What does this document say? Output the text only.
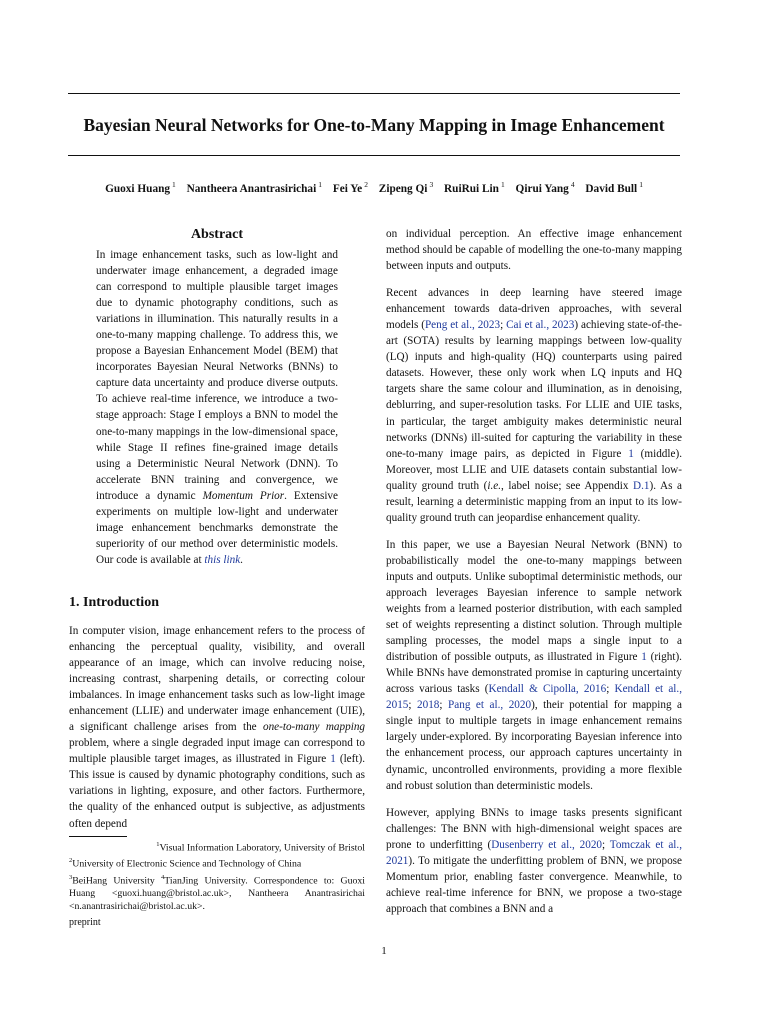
Bayesian Neural Networks for One-to-Many Mapping in Image Enhancement
Guoxi Huang $^1$ Nantheera Anantrasirichai $^1$ Fei Ye $^2$ Zipeng Qi $^3$ RuiRui Lin $^1$ Qirui Yang $^4$ David Bull $^1$
Abstract
In image enhancement tasks, such as low-light and underwater image enhancement, a degraded image can correspond to multiple plausible target images due to dynamic photography conditions, such as variations in illumination. This naturally results in a one-to-many mapping challenge. To address this, we propose a Bayesian Enhancement Model (BEM) that incorporates Bayesian Neural Networks (BNNs) to capture data uncertainty and produce diverse outputs. To achieve real-time inference, we introduce a two-stage approach: Stage I employs a BNN to model the one-to-many mappings in the low-dimensional space, while Stage II refines fine-grained image details using a Deterministic Neural Network (DNN). To accelerate BNN training and convergence, we introduce a dynamic Momentum Prior. Extensive experiments on multiple low-light and underwater image enhancement benchmarks demonstrate the superiority of our method over deterministic models. Our code is available at this link.
1. Introduction
In computer vision, image enhancement refers to the process of enhancing the perceptual quality, visibility, and overall appearance of an image, which can involve reducing noise, increasing contrast, sharpening details, or correcting colour imbalances. In image enhancement tasks such as low-light image enhancement (LLIE) and underwater image enhancement (UIE), a significant challenge arises from the one-to-many mapping problem, where a single degraded input image can correspond to multiple plausible target images, as illustrated in Figure 1 (left). This issue is caused by dynamic photography conditions, such as variations in lighting, exposure, and other factors. Furthermore, the quality of the enhanced output is subjective, as adjustments often depend
$^1$Visual Information Laboratory, University of Bristol
$^2$University of Electronic Science and Technology of China
$^3$BeiHang University $^4$TianJing University. Correspondence to: Guoxi Huang <guoxi.huang@bristol.ac.uk>, Nantheera Anantrasirichai <n.anantrasirichai@bristol.ac.uk>.
preprint
on individual perception. An effective image enhancement method should be capable of modelling the one-to-many mapping between inputs and outputs.
Recent advances in deep learning have steered image enhancement towards data-driven approaches, with several models (Peng et al., 2023; Cai et al., 2023) achieving state-of-the-art (SOTA) results by learning mappings between low-quality (LQ) inputs and high-quality (HQ) counterparts using paired datasets. However, these only work when LQ inputs and HQ targets share the same colour and illumination, as in denoising, deblurring, and super-resolution tasks. For LLIE and UIE tasks, in particular, the target ambiguity makes deterministic neural networks (DNNs) ill-suited for capturing the variability in these one-to-many image pairs, as depicted in Figure 1 (middle). Moreover, most LLIE and UIE datasets contain substantial low-quality ground truth (i.e., label noise; see Appendix D.1). As a result, learning a deterministic mapping from an input to its low-quality ground truth can jeopardise enhancement quality.
In this paper, we use a Bayesian Neural Network (BNN) to probabilistically model the one-to-many mappings between inputs and outputs. Unlike suboptimal deterministic methods, our approach leverages Bayesian inference to sample network weights from a learned posterior distribution, with each sampled set of weights representing a distinct solution. Through multiple sampling processes, the model maps a single input to a distribution of possible outputs, as illustrated in Figure 1 (right). While BNNs have demonstrated promise in capturing uncertainty across various tasks (Kendall & Cipolla, 2016; Kendall et al., 2015; 2018; Pang et al., 2020), their potential for mapping a single input to multiple targets in image enhancement remains largely under-explored. By incorporating Bayesian inference into the enhancement process, our approach captures uncertainty in dynamic, uncontrolled environments, providing a more flexible and robust solution than deterministic models.
However, applying BNNs to image tasks presents significant challenges: The BNN with high-dimensional weight spaces are prone to underfitting (Dusenberry et al., 2020; Tomczak et al., 2021). To mitigate the underfitting problem of BNN, we propose Momentum prior, enabling faster convergence. Meanwhile, to achieve real-time inference for BNN, we propose a two-stage approach that combines a BNN and a
1
